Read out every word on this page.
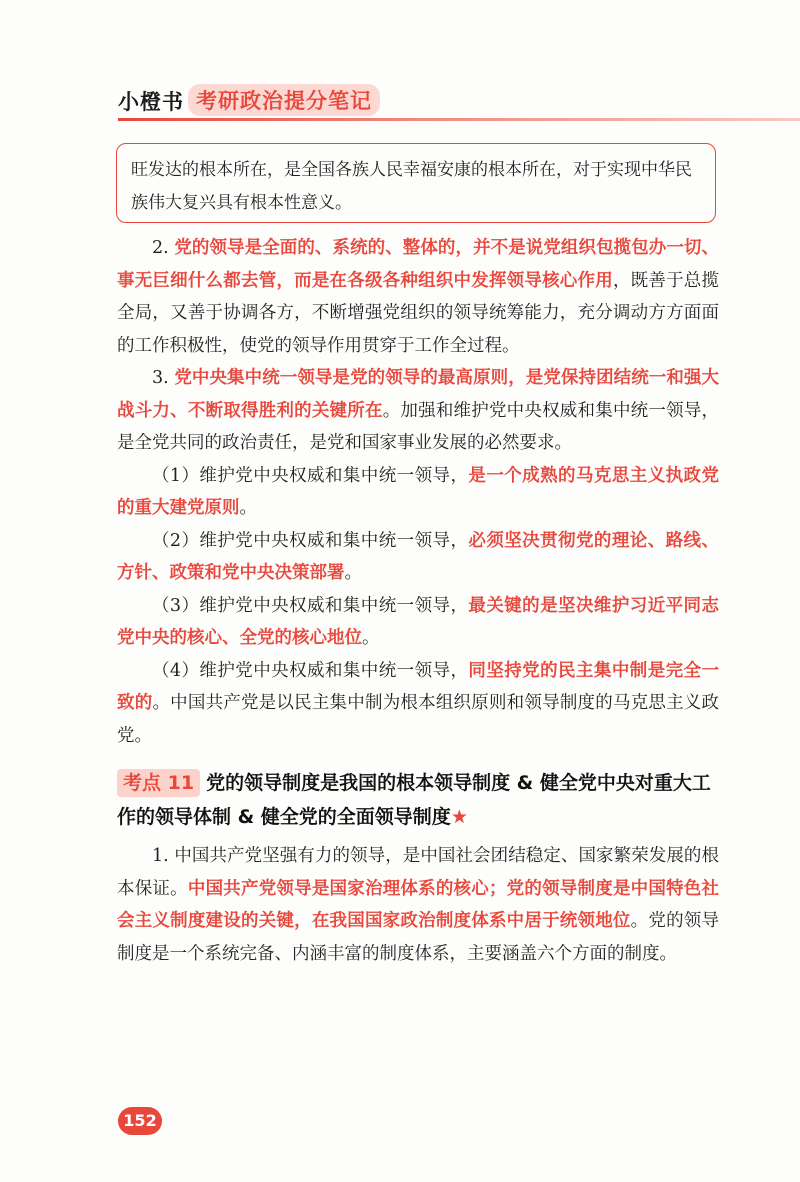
小橙书 考研政治提分笔记
旺发达的根本所在，是全国各族人民幸福安康的根本所在，对于实现中华民族伟大复兴具有根本性意义。

2. 党的领导是全面的、系统的、整体的，并不是说党组织包揽包办一切、事无巨细什么都去管，而是在各级各种组织中发挥领导核心作用，既善于总揽全局，又善于协调各方，不断增强党组织的领导统筹能力，充分调动方方面面的工作积极性，使党的领导作用贯穿于工作全过程。

3. 党中央集中统一领导是党的领导的最高原则，是党保持团结统一和强大战斗力、不断取得胜利的关键所在。加强和维护党中央权威和集中统一领导，是全党共同的政治责任，是党和国家事业发展的必然要求。

（1）维护党中央权威和集中统一领导，是一个成熟的马克思主义执政党的重大建党原则。

（2）维护党中央权威和集中统一领导，必须坚决贯彻党的理论、路线、方针、政策和党中央决策部署。

（3）维护党中央权威和集中统一领导，最关键的是坚决维护习近平同志党中央的核心、全党的核心地位。

（4）维护党中央权威和集中统一领导，同坚持党的民主集中制是完全一致的。中国共产党是以民主集中制为根本组织原则和领导制度的马克思主义政党。

考点 11 党的领导制度是我国的根本领导制度 & 健全党中央对重大工作的领导体制 & 健全党的全面领导制度★

1. 中国共产党坚强有力的领导，是中国社会团结稳定、国家繁荣发展的根本保证。中国共产党领导是国家治理体系的核心；党的领导制度是中国特色社会主义制度建设的关键，在我国国家政治制度体系中居于统领地位。党的领导制度是一个系统完备、内涵丰富的制度体系，主要涵盖六个方面的制度。

152
